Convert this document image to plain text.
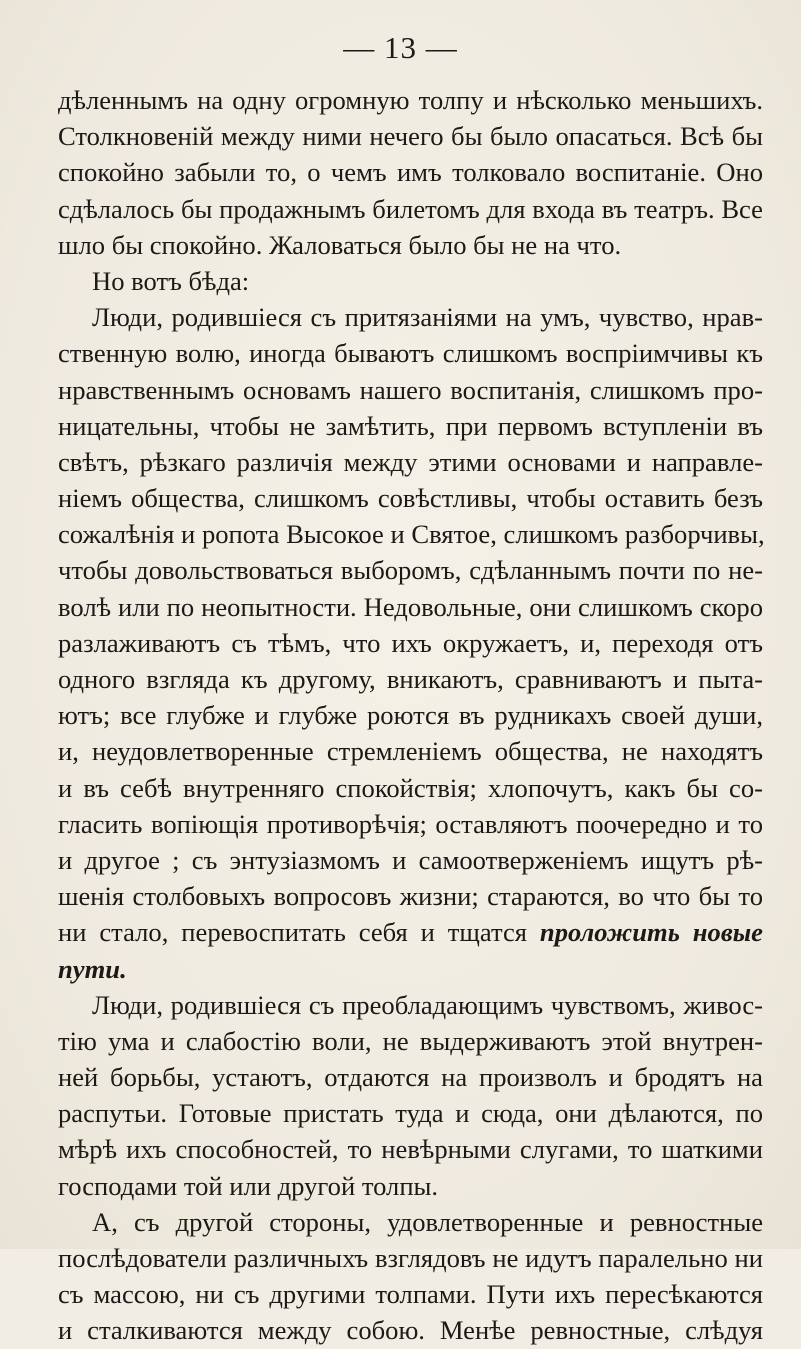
— 13 —
дѣленнымъ на одну огромную толпу и нѣсколько меньшихъ.
Столкновеній между ними нечего бы было опасаться. Всѣ бы
спокойно забыли то, о чемъ имъ толковало воспитаніе. Оно
сдѣлалось бы продажнымъ билетомъ для входа въ театръ. Все
шло бы спокойно. Жаловаться было бы не на что.
Но вотъ бѣда:
Люди, родившіеся съ притязаніями на умъ, чувство, нрав-
ственную волю, иногда бываютъ слишкомъ воспріимчивы къ
нравственнымъ основамъ нашего воспитанія, слишкомъ про-
ницательны, чтобы не замѣтить, при первомъ вступленіи въ
свѣтъ, рѣзкаго различія между этими основами и направле-
ніемъ общества, слишкомъ совѣстливы, чтобы оставить безъ
сожалѣнія и ропота Высокое и Святое, слишкомъ разборчивы,
чтобы довольствоваться выборомъ, сдѣланнымъ почти по не-
волѣ или по неопытности. Недовольные, они слишкомъ скоро
разлаживаютъ съ тѣмъ, что ихъ окружаетъ, и, переходя отъ
одного взгляда къ другому, вникаютъ, сравниваютъ и пыта-
ютъ; все глубже и глубже роются въ рудникахъ своей души,
и, неудовлетворенные стремленіемъ общества, не находятъ
и въ себѣ внутренняго спокойствія; хлопочутъ, какъ бы со-
гласить вопіющія противорѣчія; оставляютъ поочередно и то
и другое ; съ энтузіазмомъ и самоотверженіемъ ищутъ рѣ-
шенія столбовыхъ вопросовъ жизни; стараются, во что бы то
ни стало, перевоспитать себя и тщатся проложить новые
пути.
Люди, родившіеся съ преобладающимъ чувствомъ, живос-
тію ума и слабостію воли, не выдерживаютъ этой внутрен-
ней борьбы, устаютъ, отдаются на произволъ и бродятъ на
распутьи. Готовые пристать туда и сюда, они дѣлаются, по
мѣрѣ ихъ способностей, то невѣрными слугами, то шаткими
господами той или другой толпы.
А, съ другой стороны, удовлетворенные и ревностные
послѣдователи различныхъ взглядовъ не идутъ паралельно ни
съ массою, ни съ другими толпами. Пути ихъ пересѣкаются
и сталкиваются между собою. Менѣе ревностные, слѣдуя
